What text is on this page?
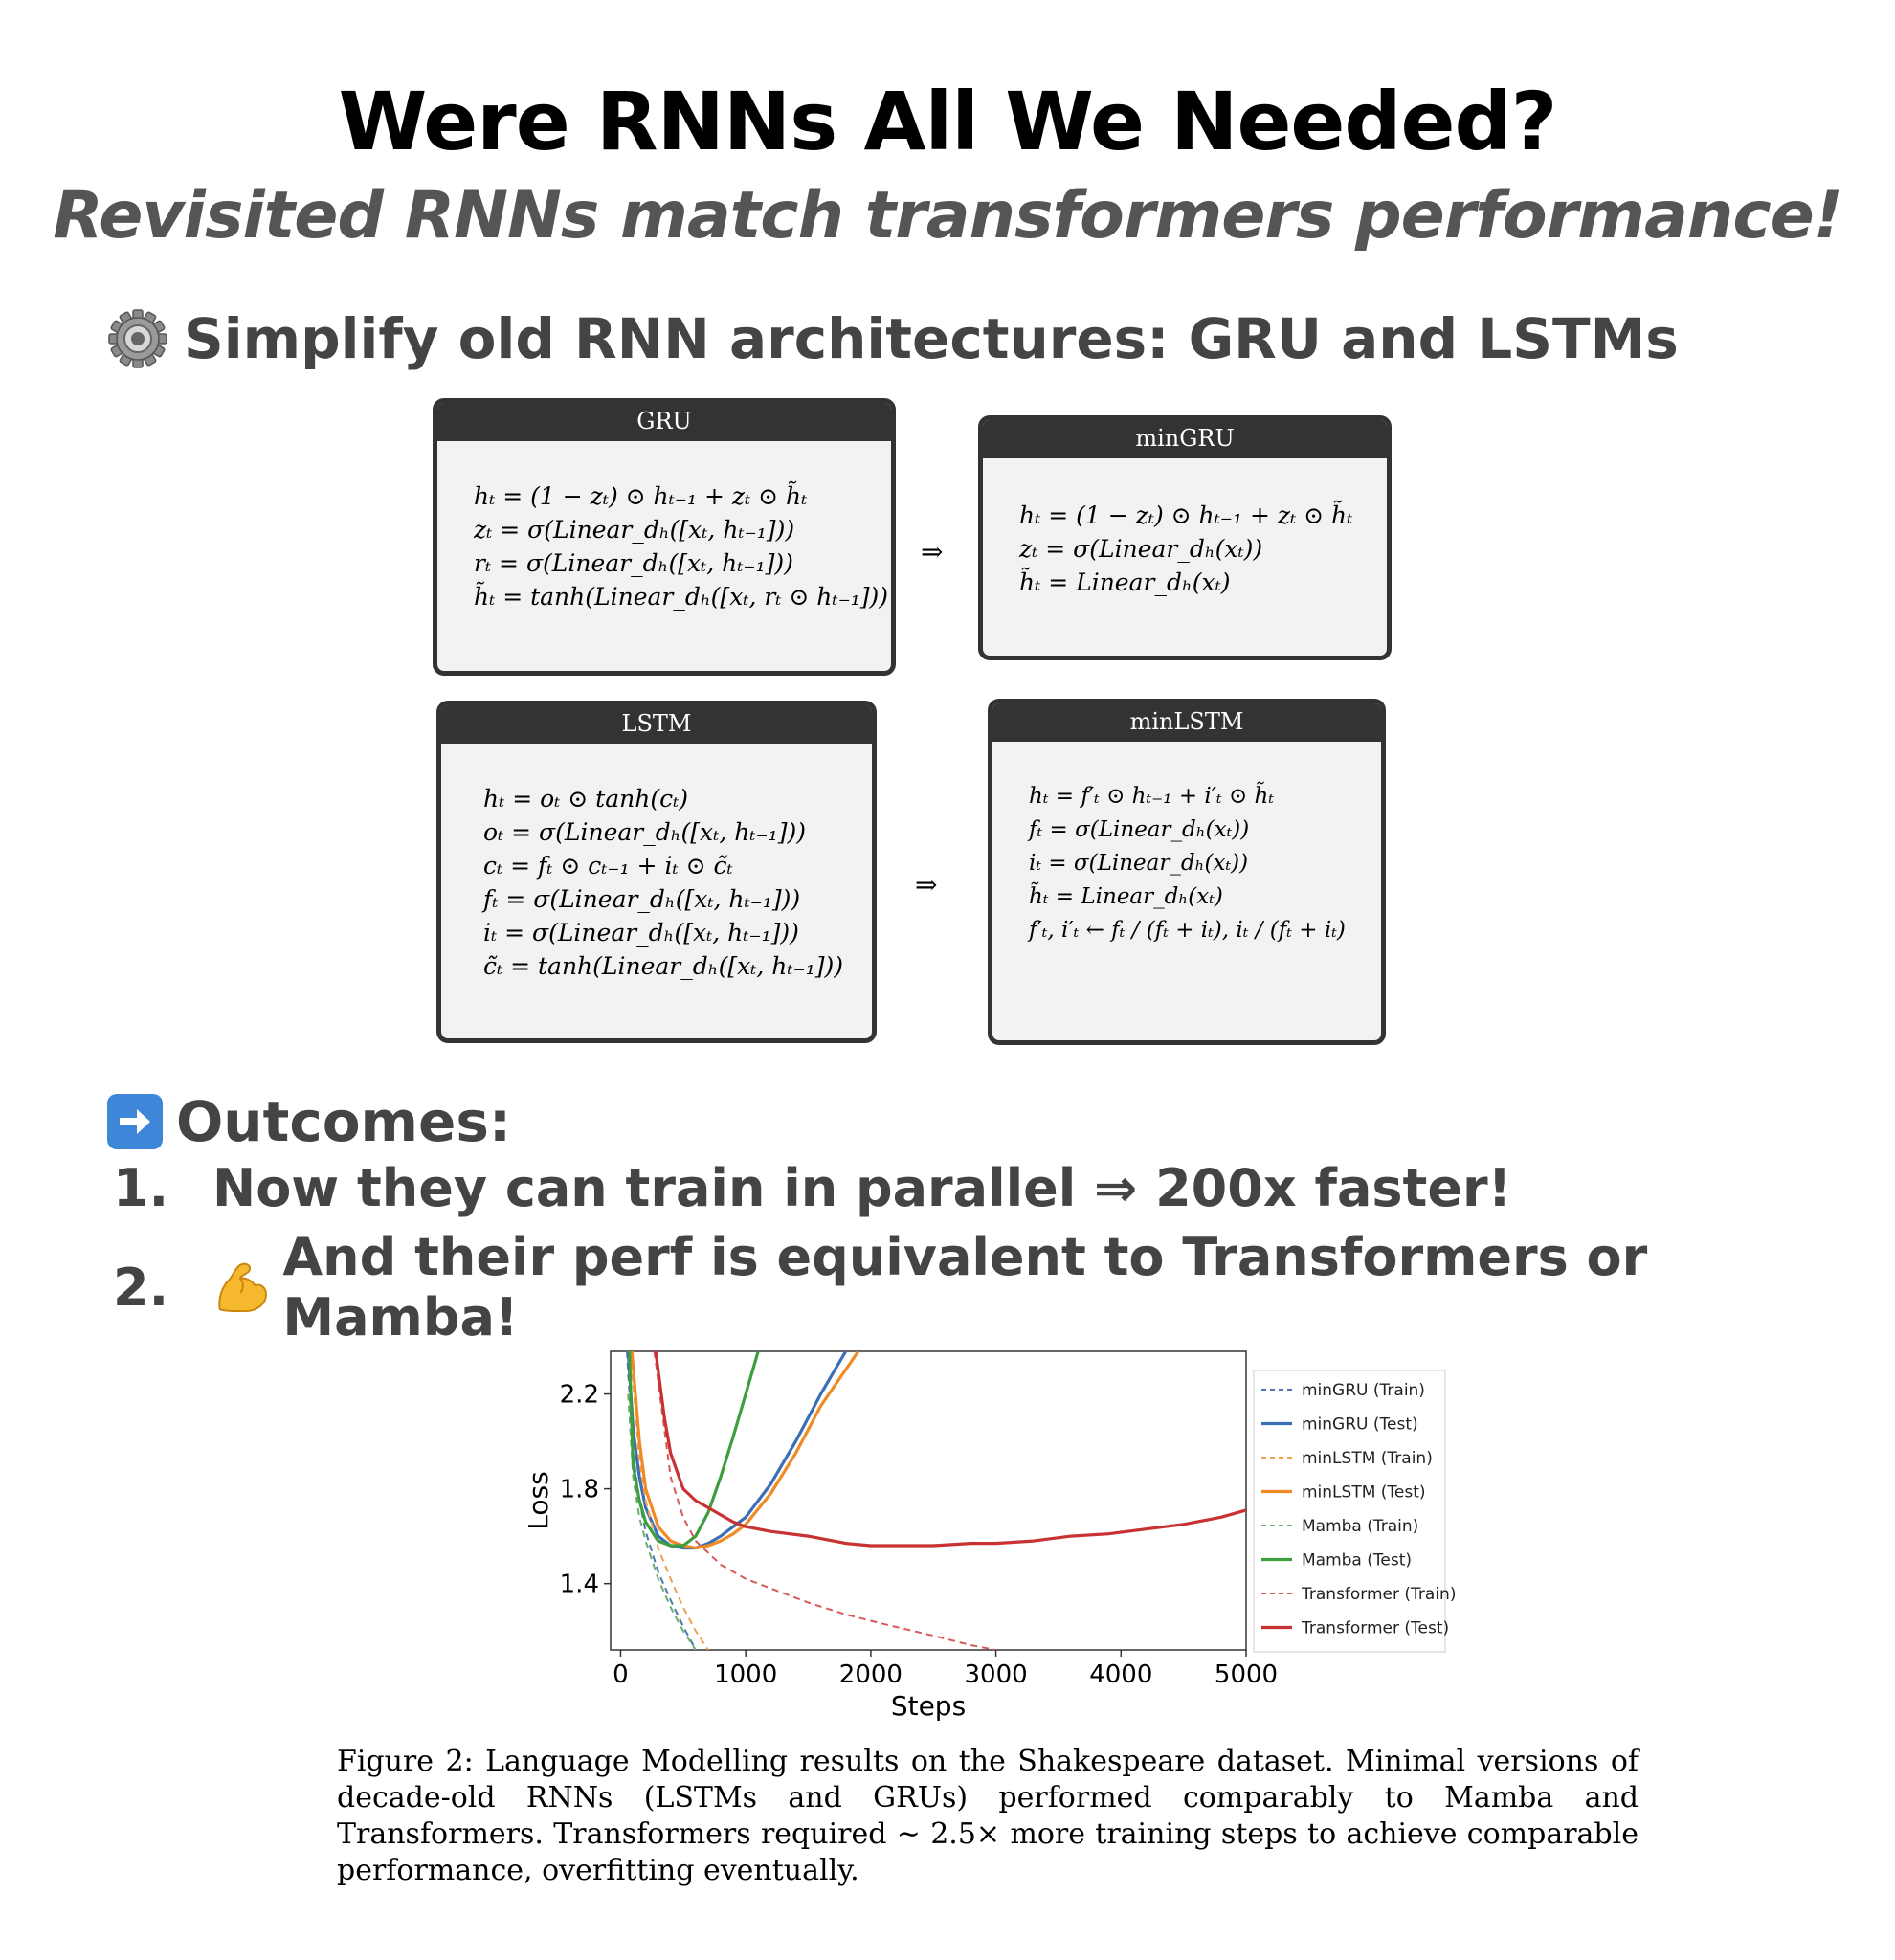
Were RNNs All We Needed?
Revisited RNNs match transformers performance!
Simplify old RNN architectures: GRU and LSTMs
GRU
hₜ = (1 − zₜ) ⊙ hₜ₋₁ + zₜ ⊙ h̃ₜ
zₜ = σ(Linear_dₕ([xₜ, hₜ₋₁]))
rₜ = σ(Linear_dₕ([xₜ, hₜ₋₁]))
h̃ₜ = tanh(Linear_dₕ([xₜ, rₜ ⊙ hₜ₋₁]))
minGRU
hₜ = (1 − zₜ) ⊙ hₜ₋₁ + zₜ ⊙ h̃ₜ
zₜ = σ(Linear_dₕ(xₜ))
h̃ₜ = Linear_dₕ(xₜ)
⇒
LSTM
hₜ = oₜ ⊙ tanh(cₜ)
oₜ = σ(Linear_dₕ([xₜ, hₜ₋₁]))
cₜ = fₜ ⊙ cₜ₋₁ + iₜ ⊙ c̃ₜ
fₜ = σ(Linear_dₕ([xₜ, hₜ₋₁]))
iₜ = σ(Linear_dₕ([xₜ, hₜ₋₁]))
c̃ₜ = tanh(Linear_dₕ([xₜ, hₜ₋₁]))
minLSTM
hₜ = f′ₜ ⊙ hₜ₋₁ + i′ₜ ⊙ h̃ₜ
fₜ = σ(Linear_dₕ(xₜ))
iₜ = σ(Linear_dₕ(xₜ))
h̃ₜ = Linear_dₕ(xₜ)
f′ₜ, i′ₜ ← fₜ / (fₜ + iₜ), iₜ / (fₜ + iₜ)
⇒
Outcomes:
1. Now they can train in parallel ⇒ 200x faster!
2.	And their perf is equivalent to Transformers or Mamba!
0	1000 2000 3000 4000 5000
1.4
1.8
2.2
Steps
Loss
minGRU (Train)
minGRU (Test)
minLSTM (Train)
minLSTM (Test)
Mamba (Train)
Mamba (Test)
Transformer (Train)
Transformer (Test)
Figure 2: Language Modelling results on the Shakespeare dataset. Minimal versions of decade-old RNNs (LSTMs and GRUs) performed comparably to Mamba and Transformers. Transformers required ∼ 2.5× more training steps to achieve comparable performance, overfitting eventually.
